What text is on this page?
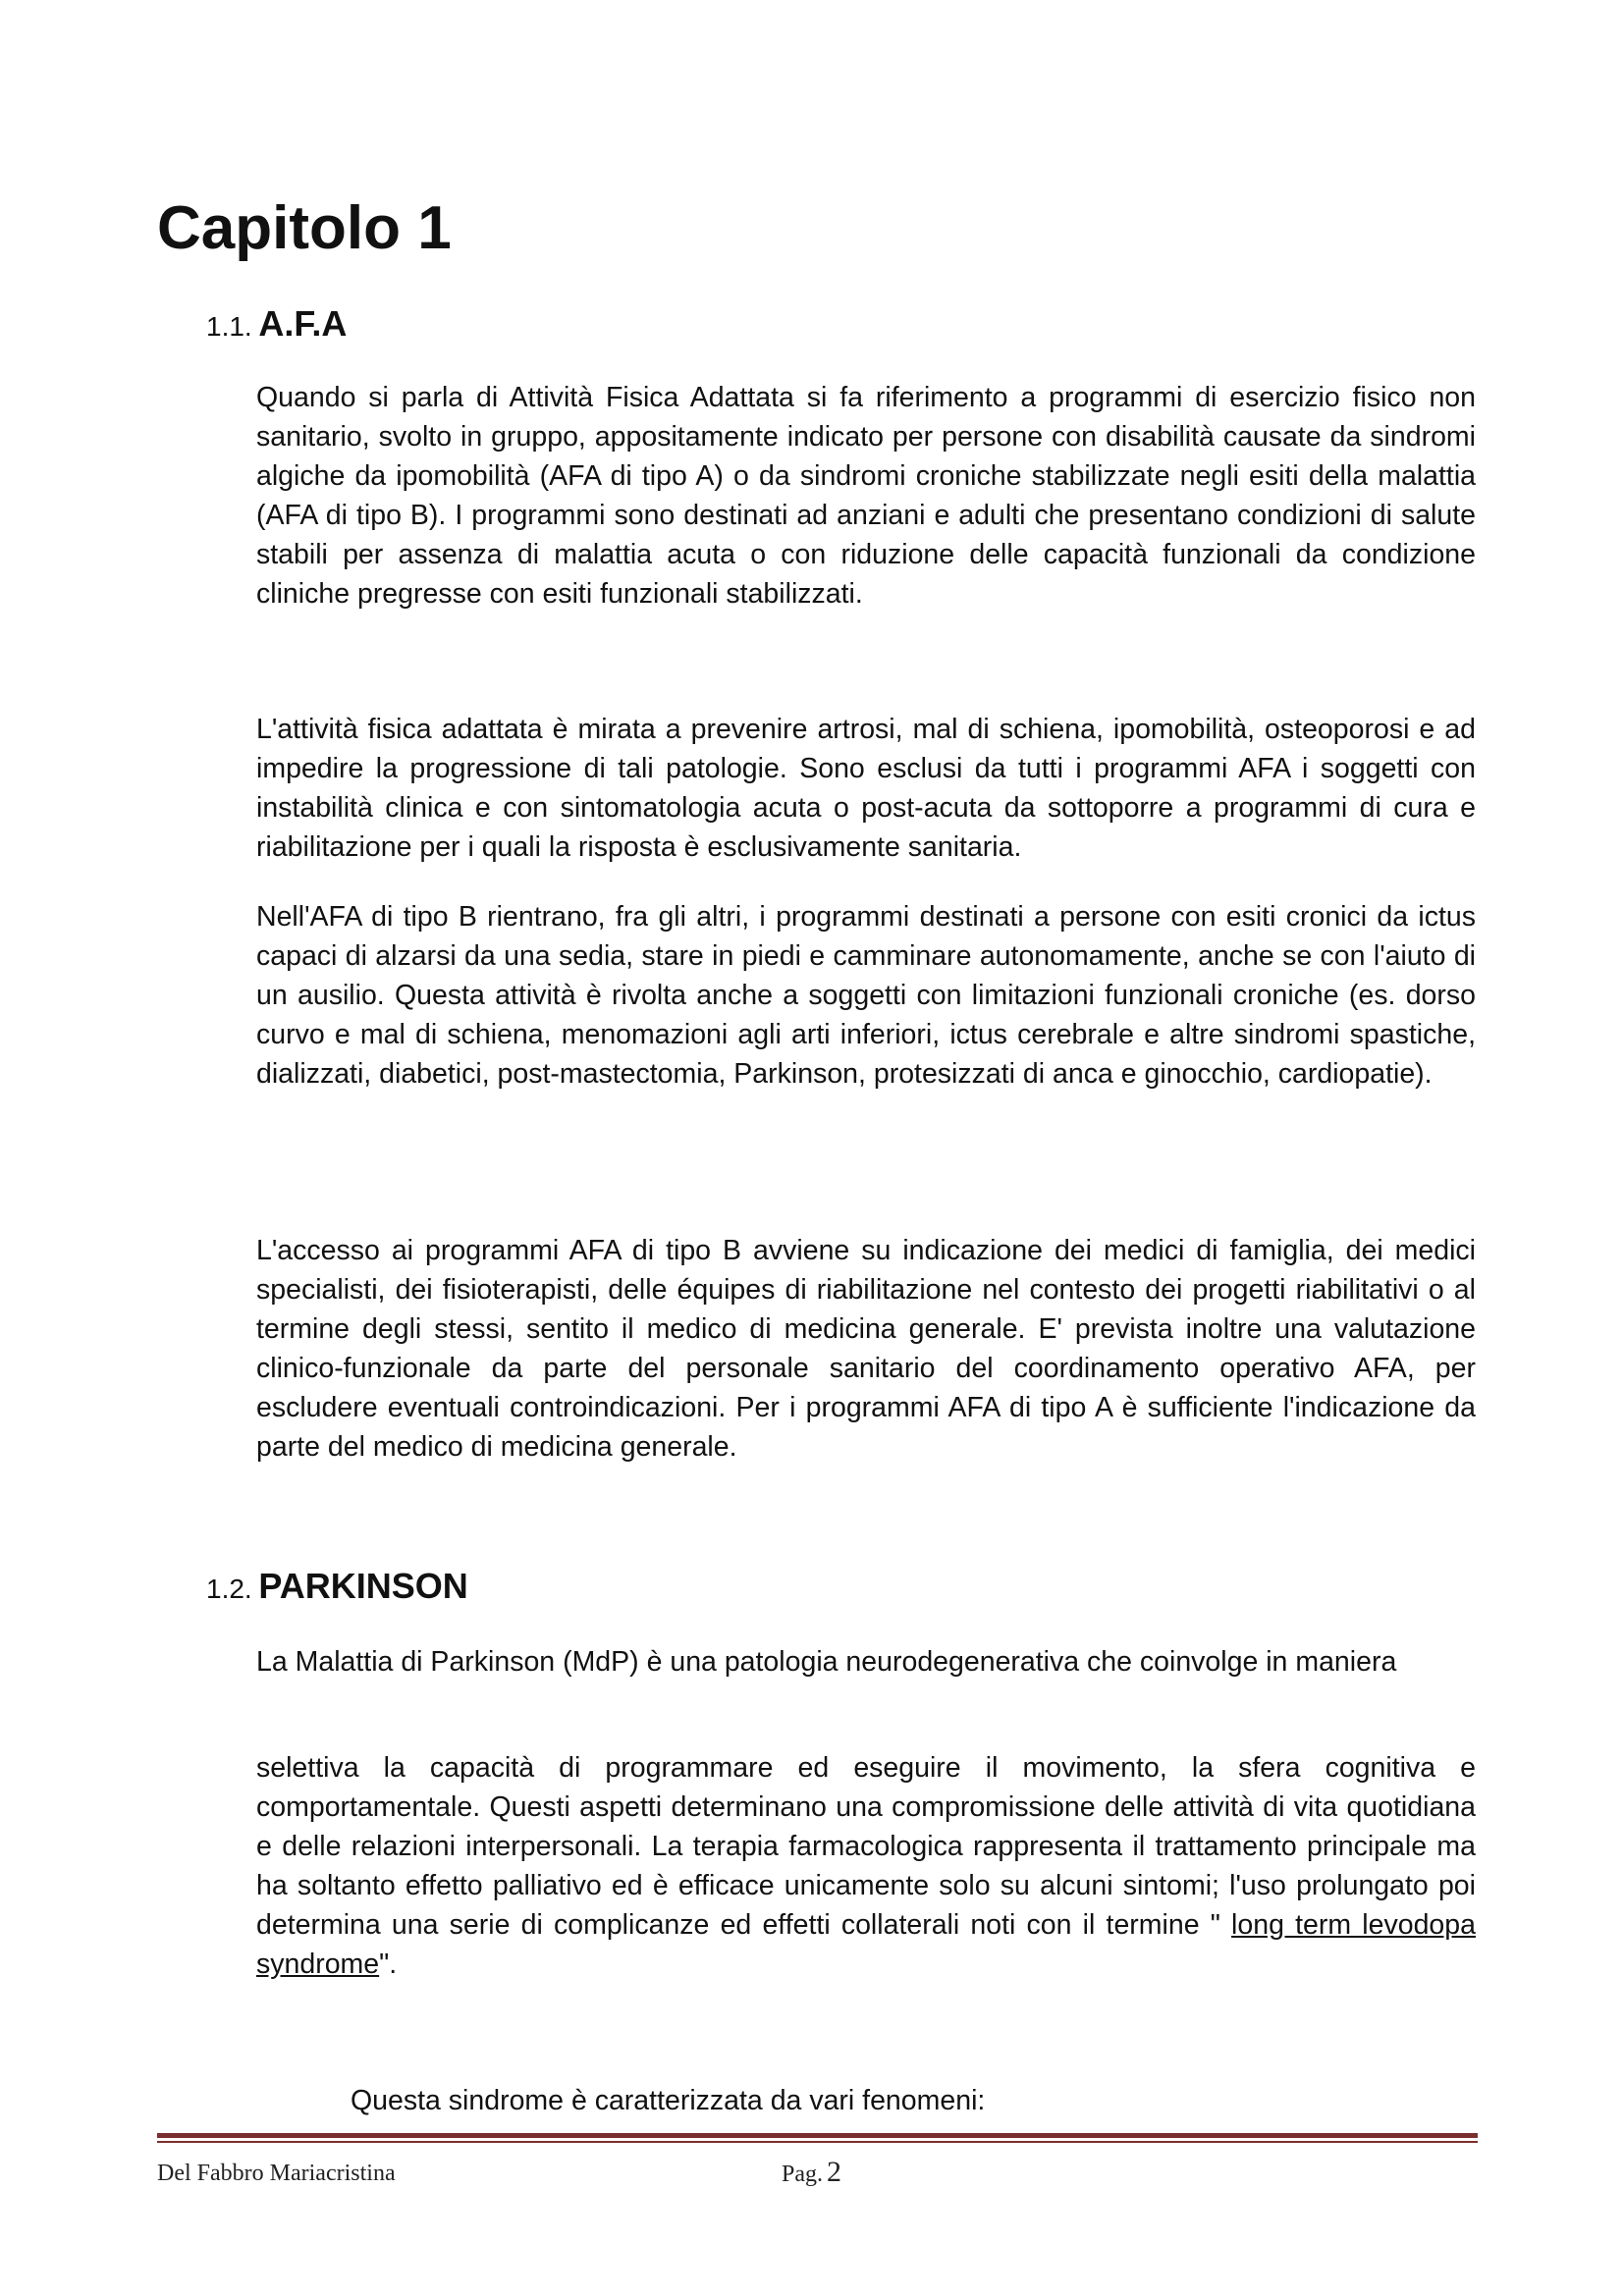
Capitolo 1
1.1. A.F.A

Quando si parla di Attività Fisica Adattata si fa riferimento a programmi di esercizio fisico non sanitario, svolto in gruppo, appositamente indicato per persone con disabilità causate da sindromi algiche da ipomobilità (AFA di tipo A) o da sindromi croniche stabilizzate negli esiti della malattia (AFA di tipo B). I programmi sono destinati ad anziani e adulti che presentano condizioni di salute stabili per assenza di malattia acuta o con riduzione delle capacità funzionali da condizione cliniche pregresse con esiti funzionali stabilizzati.

L'attività fisica adattata è mirata a prevenire artrosi, mal di schiena, ipomobilità, osteoporosi e ad impedire la progressione di tali patologie. Sono esclusi da tutti i programmi AFA i soggetti con instabilità clinica e con sintomatologia acuta o post-acuta da sottoporre a programmi di cura e riabilitazione per i quali la risposta è esclusivamente sanitaria.

Nell'AFA di tipo B rientrano, fra gli altri, i programmi destinati a persone con esiti cronici da ictus capaci di alzarsi da una sedia, stare in piedi e camminare autonomamente, anche se con l'aiuto di un ausilio. Questa attività è rivolta anche a soggetti con limitazioni funzionali croniche (es. dorso curvo e mal di schiena, menomazioni agli arti inferiori, ictus cerebrale e altre sindromi spastiche, dializzati, diabetici, post-mastectomia, Parkinson, protesizzati di anca e ginocchio, cardiopatie).

L'accesso ai programmi AFA di tipo B avviene su indicazione dei medici di famiglia, dei medici specialisti, dei fisioterapisti, delle équipes di riabilitazione nel contesto dei progetti riabilitativi o al termine degli stessi, sentito il medico di medicina generale. E' prevista inoltre una valutazione clinico-funzionale da parte del personale sanitario del coordinamento operativo AFA, per escludere eventuali controindicazioni. Per i programmi AFA di tipo A è sufficiente l'indicazione da parte del medico di medicina generale.

1.2. PARKINSON

La Malattia di Parkinson (MdP) è una patologia neurodegenerativa che coinvolge in maniera

selettiva la capacità di programmare ed eseguire il movimento, la sfera cognitiva e comportamentale. Questi aspetti determinano una compromissione delle attività di vita quotidiana e delle relazioni interpersonali. La terapia farmacologica rappresenta il trattamento principale ma ha soltanto effetto palliativo ed è efficace unicamente solo su alcuni sintomi; l'uso prolungato poi determina una serie di complicanze ed effetti collaterali noti con il termine " long term levodopa syndrome".

Questa sindrome è caratterizzata da vari fenomeni:

Del Fabbro Mariacristina	Pag. 2
